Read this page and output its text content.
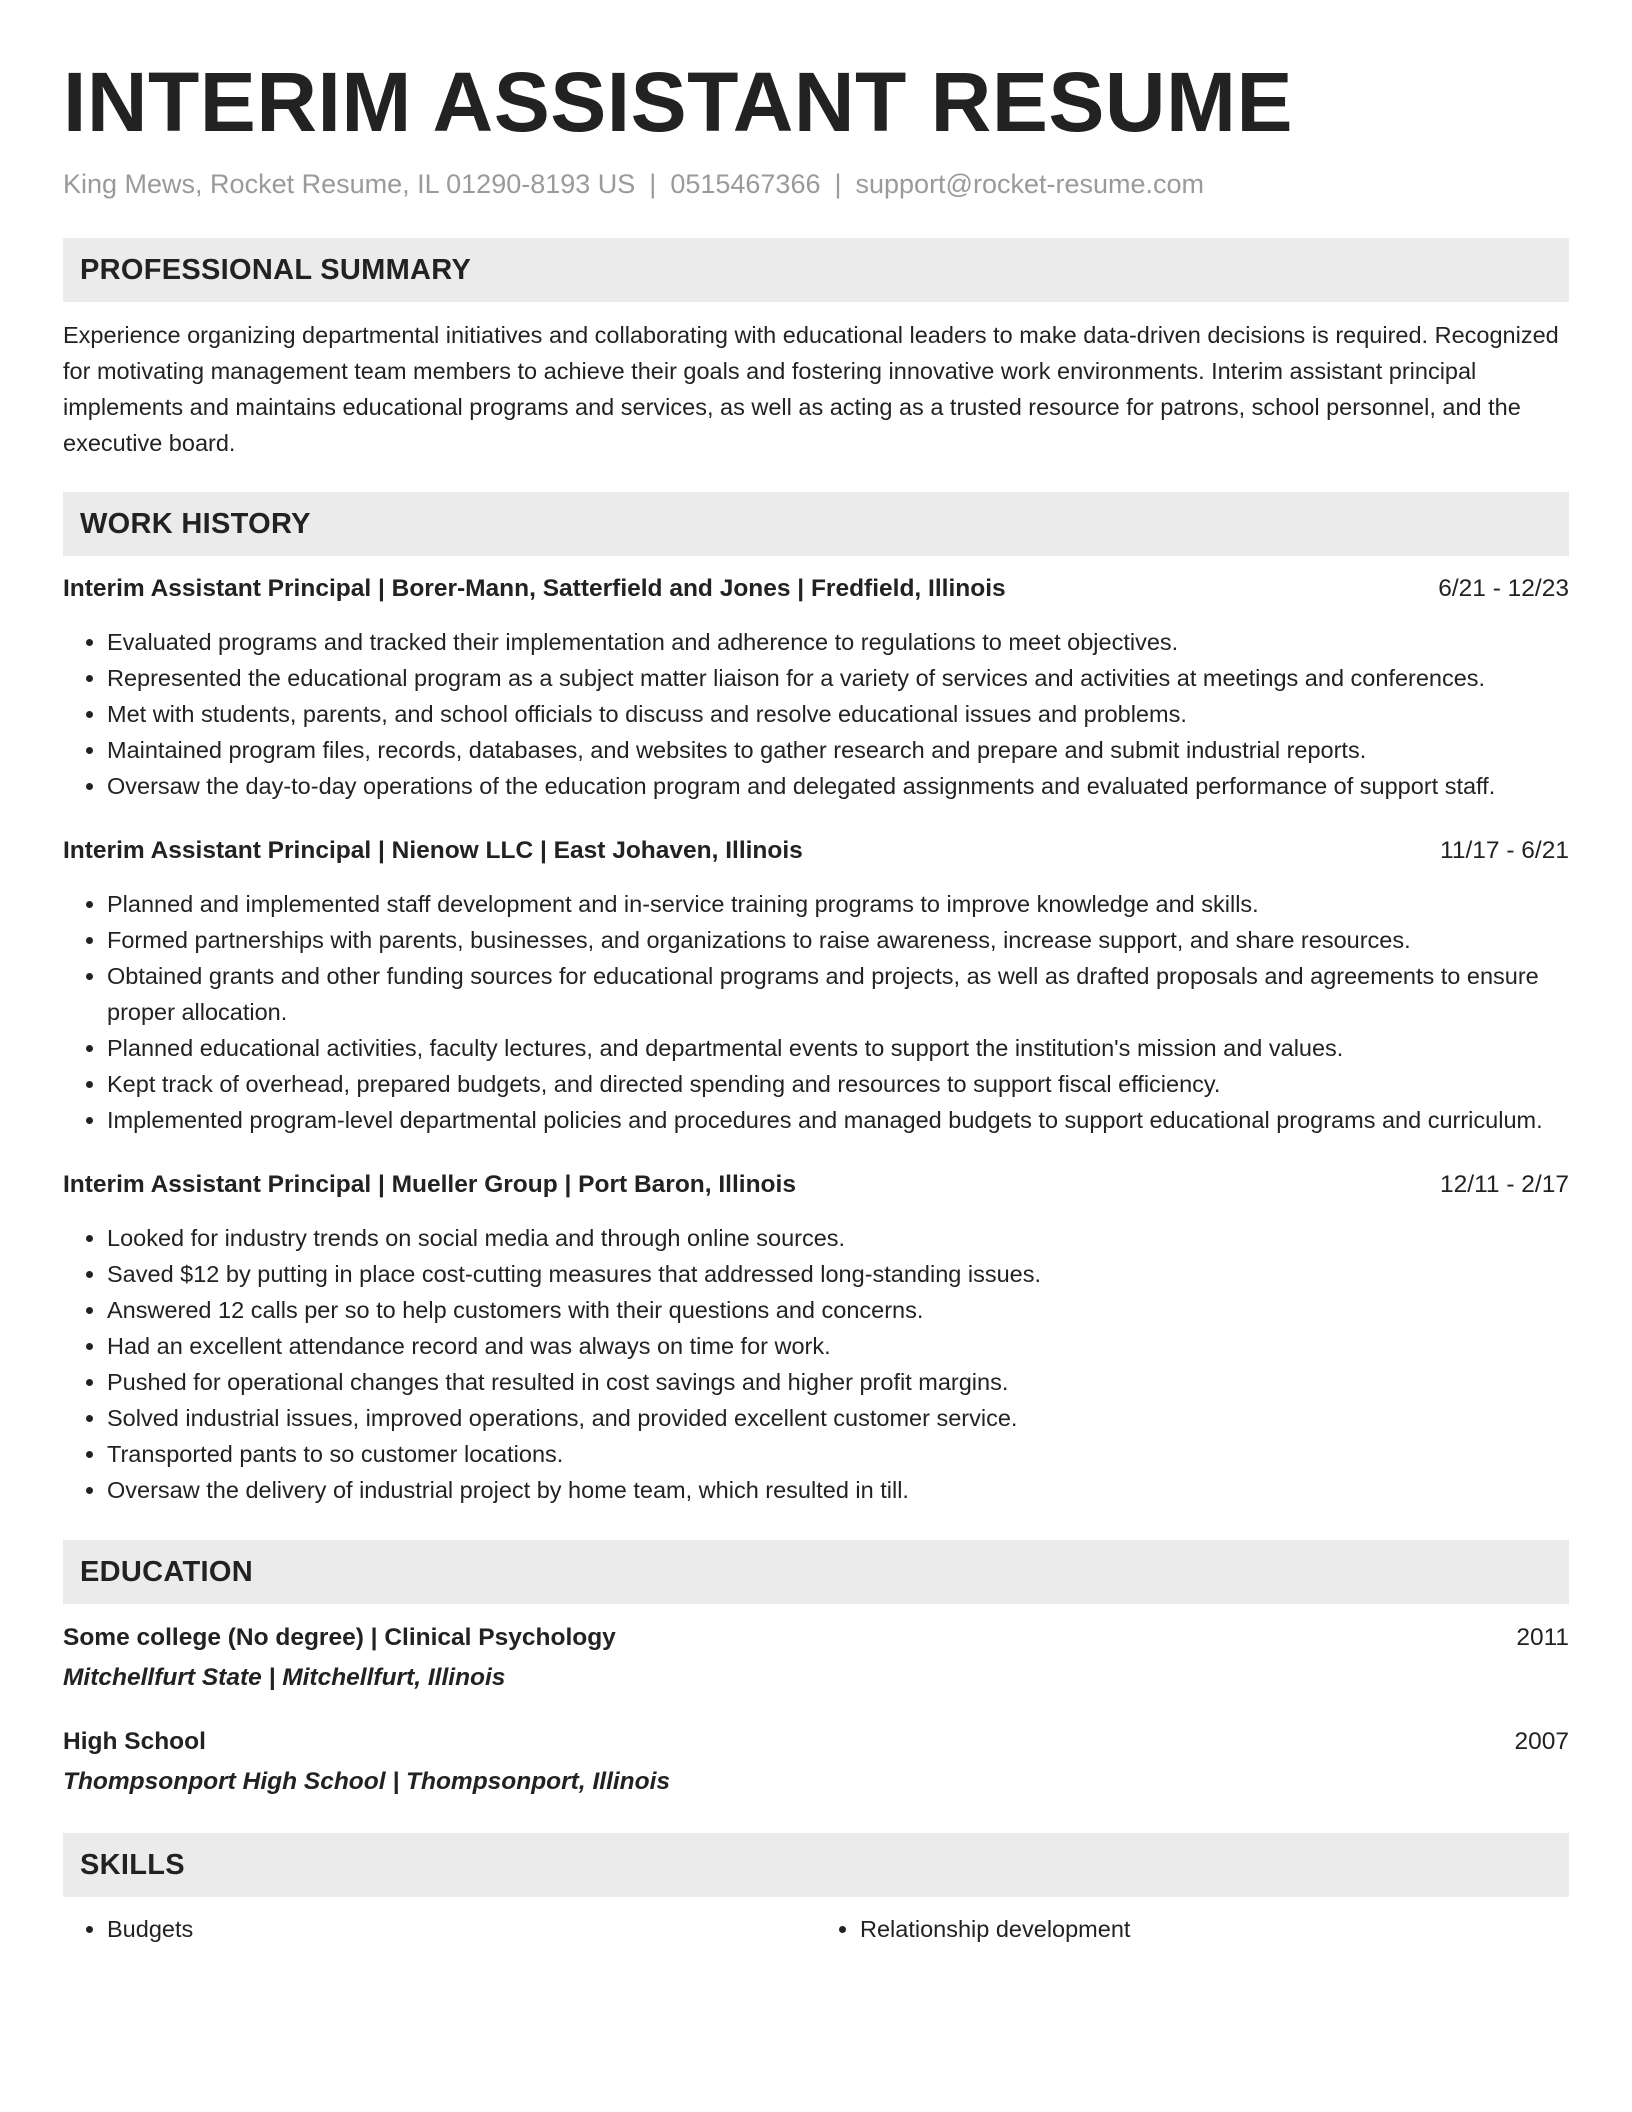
INTERIM ASSISTANT RESUME
King Mews, Rocket Resume, IL 01290-8193 US | 0515467366 | support@rocket-resume.com
PROFESSIONAL SUMMARY

Experience organizing departmental initiatives and collaborating with educational leaders to make data-driven decisions is required. Recognized for motivating management team members to achieve their goals and fostering innovative work environments. Interim assistant principal implements and maintains educational programs and services, as well as acting as a trusted resource for patrons, school personnel, and the executive board.

WORK HISTORY
Interim Assistant Principal | Borer-Mann, Satterfield and Jones | Fredfield, Illinois	6/21 - 12/23
• Evaluated programs and tracked their implementation and adherence to regulations to meet objectives.
• Represented the educational program as a subject matter liaison for a variety of services and activities at meetings and conferences.
• Met with students, parents, and school officials to discuss and resolve educational issues and problems.
• Maintained program files, records, databases, and websites to gather research and prepare and submit industrial reports.
• Oversaw the day-to-day operations of the education program and delegated assignments and evaluated performance of support staff.
Interim Assistant Principal | Nienow LLC | East Johaven, Illinois	11/17 - 6/21
• Planned and implemented staff development and in-service training programs to improve knowledge and skills.
• Formed partnerships with parents, businesses, and organizations to raise awareness, increase support, and share resources.
• Obtained grants and other funding sources for educational programs and projects, as well as drafted proposals and agreements to ensure proper allocation.
• Planned educational activities, faculty lectures, and departmental events to support the institution's mission and values.
• Kept track of overhead, prepared budgets, and directed spending and resources to support fiscal efficiency.
• Implemented program-level departmental policies and procedures and managed budgets to support educational programs and curriculum.
Interim Assistant Principal | Mueller Group | Port Baron, Illinois	12/11 - 2/17
• Looked for industry trends on social media and through online sources.
• Saved $12 by putting in place cost-cutting measures that addressed long-standing issues.
• Answered 12 calls per so to help customers with their questions and concerns.
• Had an excellent attendance record and was always on time for work.
• Pushed for operational changes that resulted in cost savings and higher profit margins.
• Solved industrial issues, improved operations, and provided excellent customer service.
• Transported pants to so customer locations.
• Oversaw the delivery of industrial project by home team, which resulted in till.
EDUCATION
Some college (No degree) | Clinical Psychology	2011
Mitchellfurt State | Mitchellfurt, Illinois
High School	2007
Thompsonport High School | Thompsonport, Illinois
SKILLS
• Budgets
•	Relationship development
